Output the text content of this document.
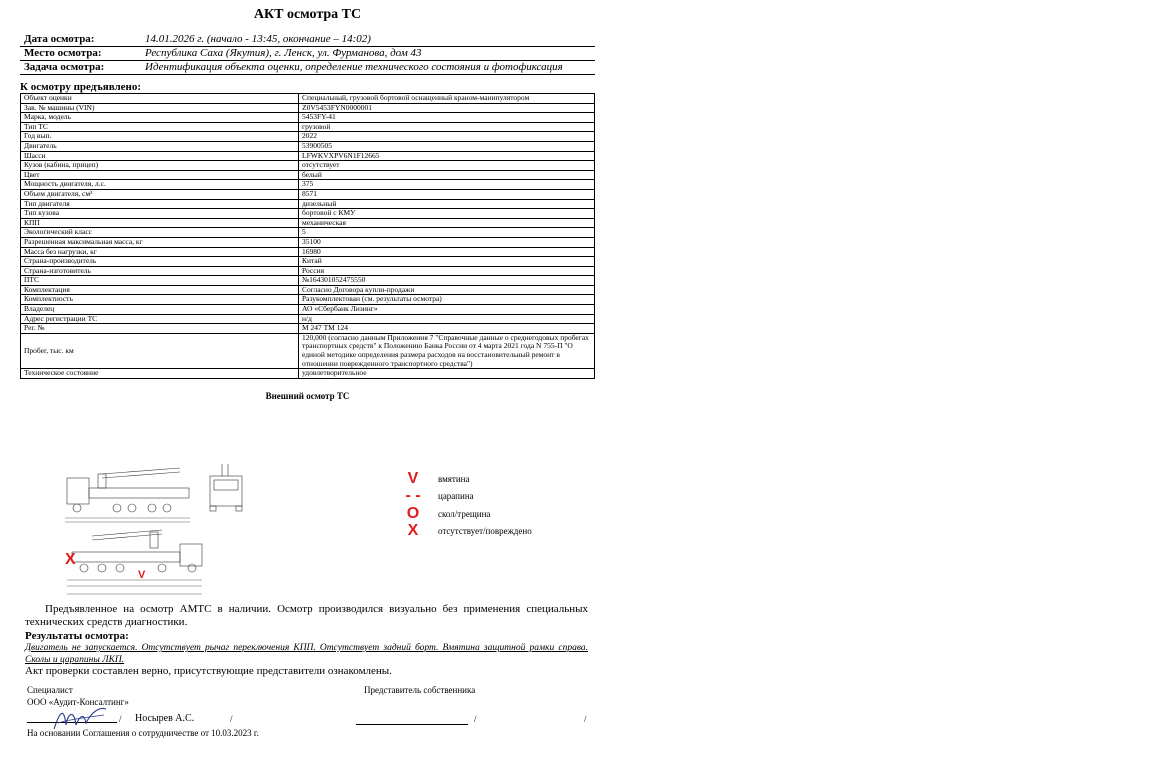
АКТ осмотра ТС
Дата осмотра:	14.01.2026 г. (начало - 13:45, окончание – 14:02)
Место осмотра:	Республика Саха (Якутия), г. Ленск, ул. Фурманова, дом 43
Задача осмотра:	Идентификация объекта оценки, определение технического состояния и фотофиксация
К осмотру предъявлено:
Объект оценки	Специальный, грузовой бортовой оснащенный краном-манипулятором
Зав. № машины (VIN)	Z0V5453FYN0000001
Марка, модель	5453FY-41
Тип ТС	грузовой
Год вып.	2022
Двигатель	53900505
Шасси	LFWKVXPV6N1F12665
Кузов (кабина, прицеп)	отсутствует
Цвет	белый
Мощность двигателя, л.с.	375
Объем двигателя, см³	8571
Тип двигателя	дизельный
Тип кузова	бортовой с КМУ
КПП	механическая
Экологический класс	5
Разрешенная максимальная масса, кг	35100
Масса без нагрузки, кг	16980
Страна-производитель	Китай
Страна-изготовитель	Россия
ПТС	№164301052475550
Комплектация	Согласно Договора купли-продажи
Комплектность	Разукомплектован (см. результаты осмотра)
Владелец	АО «Сбербанк Лизинг»
Адрес регистрации ТС	н/д
Рег. №	М 247 ТМ 124
Пробег, тыс. км	120,000 (согласно данным Приложения 7 "Справочные данные о среднегодовых пробегах транспортных средств" к Положению Банка России от 4 марта 2021 года N 755-П "О единой методике определения размера расходов на восстановительный ремонт в отношении поврежденного транспортного средства")
Техническое состояние	удовлетворительное
Внешний осмотр ТС
X
V
V	вмятина
- -	царапина
O	скол/трещина
X	отсутствует/повреждено
Предъявленное на осмотр АМТС в наличии. Осмотр производился визуально без применения специальных технических средств диагностики.
Результаты осмотра:
Двигатель не запускается. Отсутствует рычаг переключения КПП. Отсутствует задний борт. Вмятина защитной рамки справа. Сколы и царапины ЛКП.
Акт проверки составлен верно, присутствующие представители ознакомлены.
Специалист
ООО «Аудит-Консалтинг»
Представитель собственника
/ Носырев А.С.	/	/	/
На основании Соглашения о сотрудничестве от 10.03.2023 г.
